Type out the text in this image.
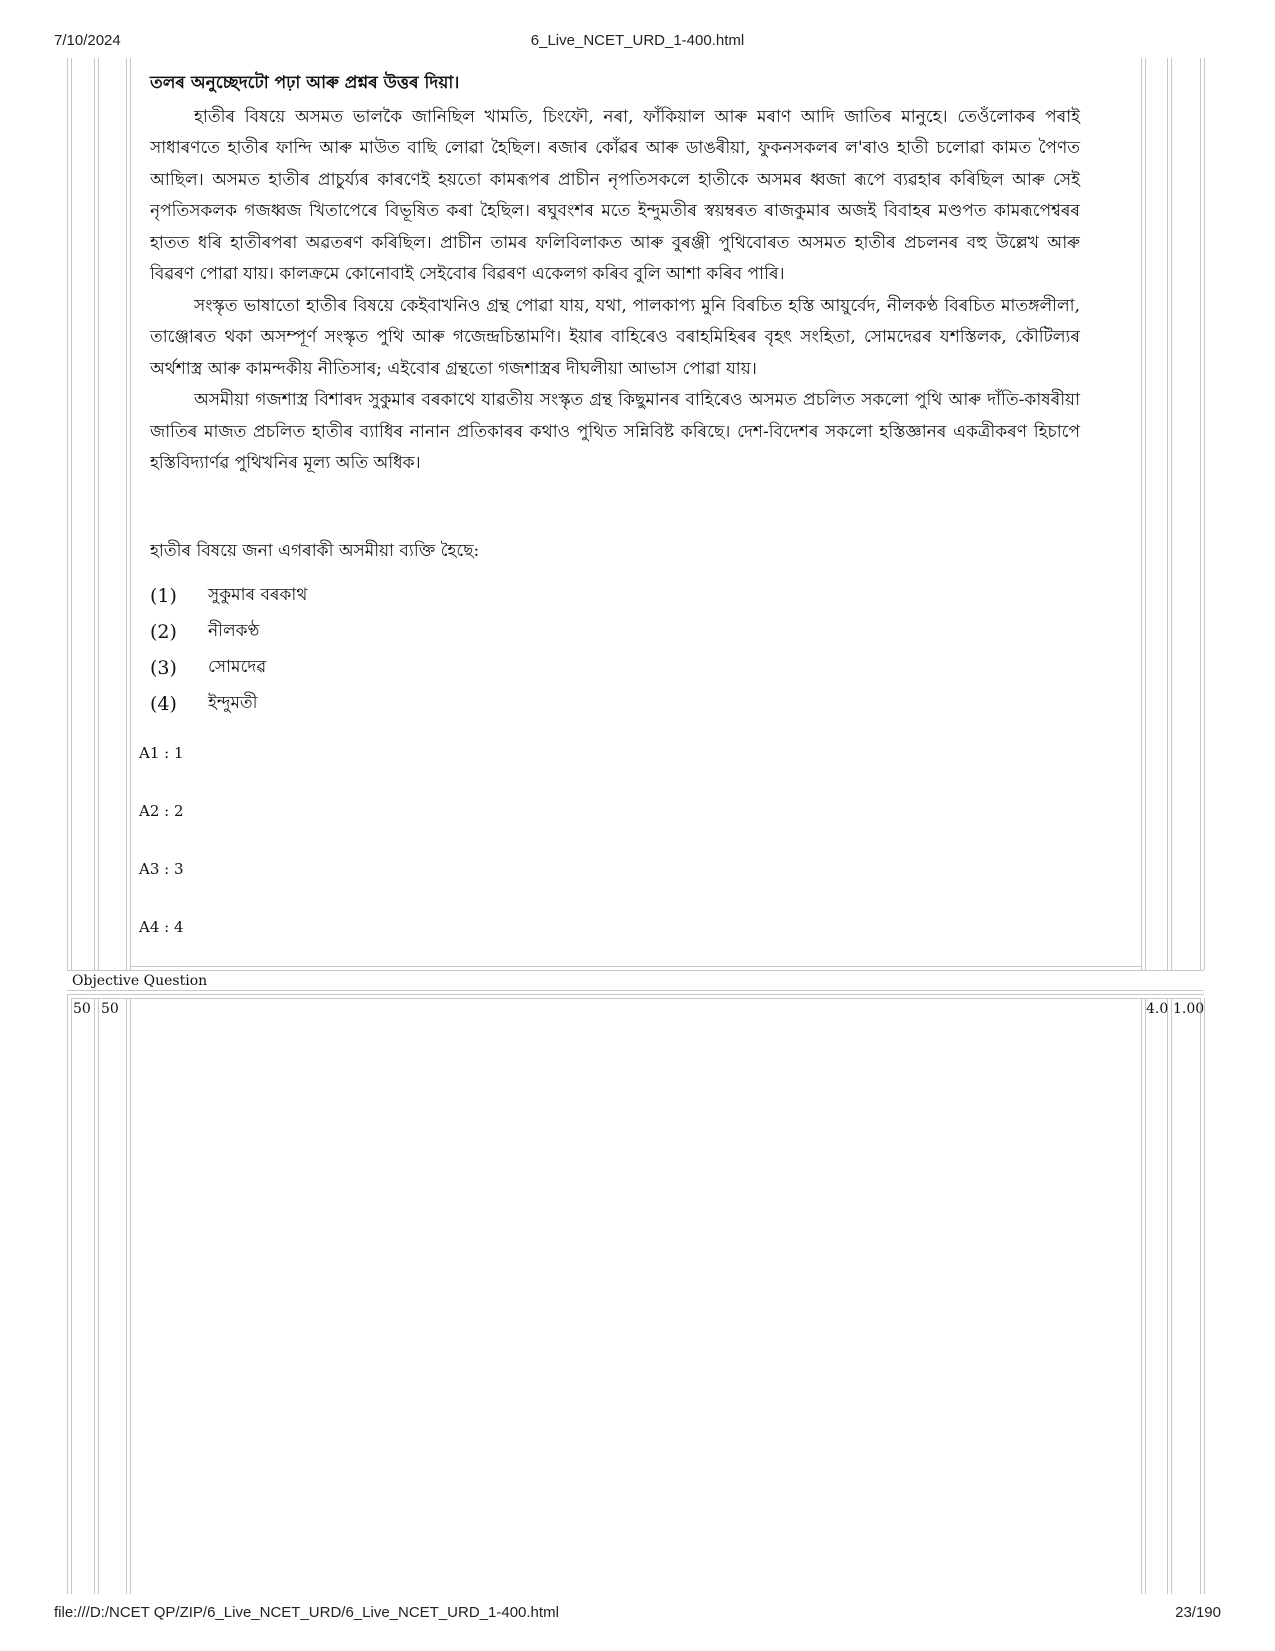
6_Live_NCET_URD_1-400.html
7/10/2024

তলৰ অনুচ্ছেদটো পঢ়া আৰু প্ৰশ্নৰ উত্তৰ দিয়া।

হাতীৰ বিষয়ে অসমত ভালকৈ জানিছিল খামতি, চিংফৌ, নৰা, ফাঁকিয়াল আৰু মৰাণ আদি জাতিৰ মানুহে। তেওঁলোকৰ পৰাই সাধাৰণতে হাতীৰ ফান্দি আৰু মাউত বাছি লোৱা হৈছিল। ৰজাৰ কোঁৱৰ আৰু ডাঙৰীয়া, ফুকনসকলৰ ল'ৰাও হাতী চলোৱা কামত পৈণত আছিল। অসমত হাতীৰ প্ৰাচুৰ্য্যৰ কাৰণেই হয়তো কামৰূপৰ প্ৰাচীন নৃপতিসকলে হাতীকে অসমৰ ধ্বজা ৰূপে ব্যৱহাৰ কৰিছিল আৰু সেই নৃপতিসকলক গজধ্বজ খিতাপেৰে বিভূষিত কৰা হৈছিল। ৰঘুবংশৰ মতে ইন্দুমতীৰ স্বয়ম্বৰত ৰাজকুমাৰ অজই বিবাহৰ মণ্ডপত কামৰূপেশ্বৰৰ হাতত ধৰি হাতীৰপৰা অৱতৰণ কৰিছিল। প্ৰাচীন তামৰ ফলিবিলাকত আৰু বুৰঞ্জী পুথিবোৰত অসমত হাতীৰ প্ৰচলনৰ বহু উল্লেখ আৰু বিৱৰণ পোৱা যায়। কালক্ৰমে কোনোবাই সেইবোৰ বিৱৰণ একেলগ কৰিব বুলি আশা কৰিব পাৰি।

সংস্কৃত ভাষাতো হাতীৰ বিষয়ে কেইবাখনিও গ্ৰন্থ পোৱা যায়, যথা, পালকাপ্য মুনি বিৰচিত হস্তি আয়ুৰ্বেদ, নীলকণ্ঠ বিৰচিত মাতঙ্গলীলা, তাঞ্জোৰত থকা অসম্পূৰ্ণ সংস্কৃত পুথি আৰু গজেন্দ্ৰচিন্তামণি। ইয়াৰ বাহিৰেও বৰাহমিহিৰৰ বৃহৎ সংহিতা, সোমদেৱৰ যশস্তিলক, কৌটিল্যৰ অৰ্থশাস্ত্ৰ আৰু কামন্দকীয় নীতিসাৰ; এইবোৰ গ্ৰন্থতো গজশাস্ত্ৰৰ দীঘলীয়া আভাস পোৱা যায়।

অসমীয়া গজশাস্ত্ৰ বিশাৰদ সুকুমাৰ বৰকাথে যাৱতীয় সংস্কৃত গ্ৰন্থ কিছুমানৰ বাহিৰেও অসমত প্ৰচলিত সকলো পুথি আৰু দাঁতি-কাষৰীয়া জাতিৰ মাজত প্ৰচলিত হাতীৰ ব্যাধিৰ নানান প্ৰতিকাৰৰ কথাও পুথিত সন্নিবিষ্ট কৰিছে। দেশ-বিদেশৰ সকলো হস্তিজ্ঞানৰ একত্ৰীকৰণ হিচাপে হস্তিবিদ্যাৰ্ণৱ পুথিখনিৰ মূল্য অতি অধিক।

হাতীৰ বিষয়ে জনা এগৰাকী অসমীয়া ব্যক্তি হৈছে:
(1)	সুকুমাৰ বৰকাথ
(2)	নীলকণ্ঠ
(3)	সোমদেৱ
(4)	ইন্দুমতী
A1 : 1
A2 : 2
A3 : 3
A4 : 4
Objective Question
50 50	4.0 1.00
file:///D:/NCET QP/ZIP/6_Live_NCET_URD/6_Live_NCET_URD_1-400.html	23/190
